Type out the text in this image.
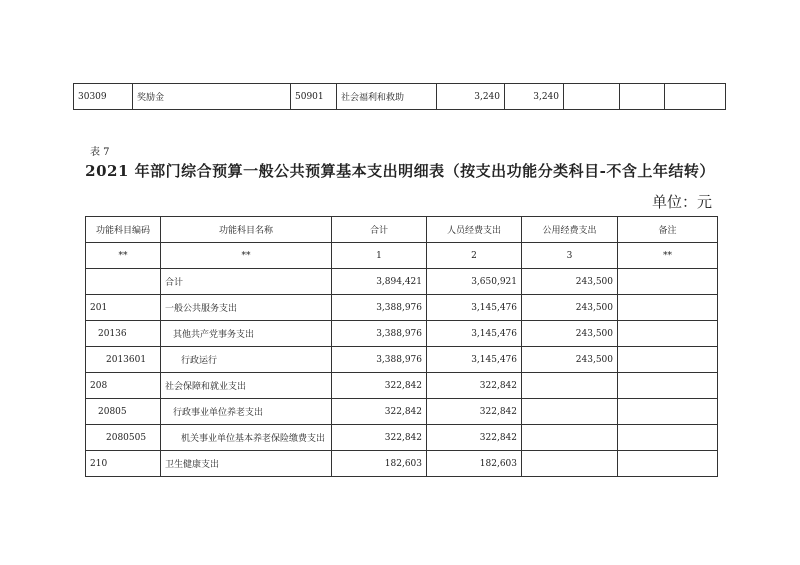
30309	奖励金	50901	社会福利和救助	3,240	3,240			
表 7
2021 年部门综合预算一般公共预算基本支出明细表（按支出功能分类科目-不含上年结转）
单位：元
功能科目编码	功能科目名称	合计	人员经费支出	公用经费支出	备注
**	**	1	2	3	**
	合计	3,894,421	3,650,921	243,500	
201	一般公共服务支出	3,388,976	3,145,476	243,500	
20136	其他共产党事务支出	3,388,976	3,145,476	243,500	
2013601	行政运行	3,388,976	3,145,476	243,500	
208	社会保障和就业支出	322,842	322,842		
20805	行政事业单位养老支出	322,842	322,842		
2080505	机关事业单位基本养老保险缴费支出	322,842	322,842		
210	卫生健康支出	182,603	182,603		
